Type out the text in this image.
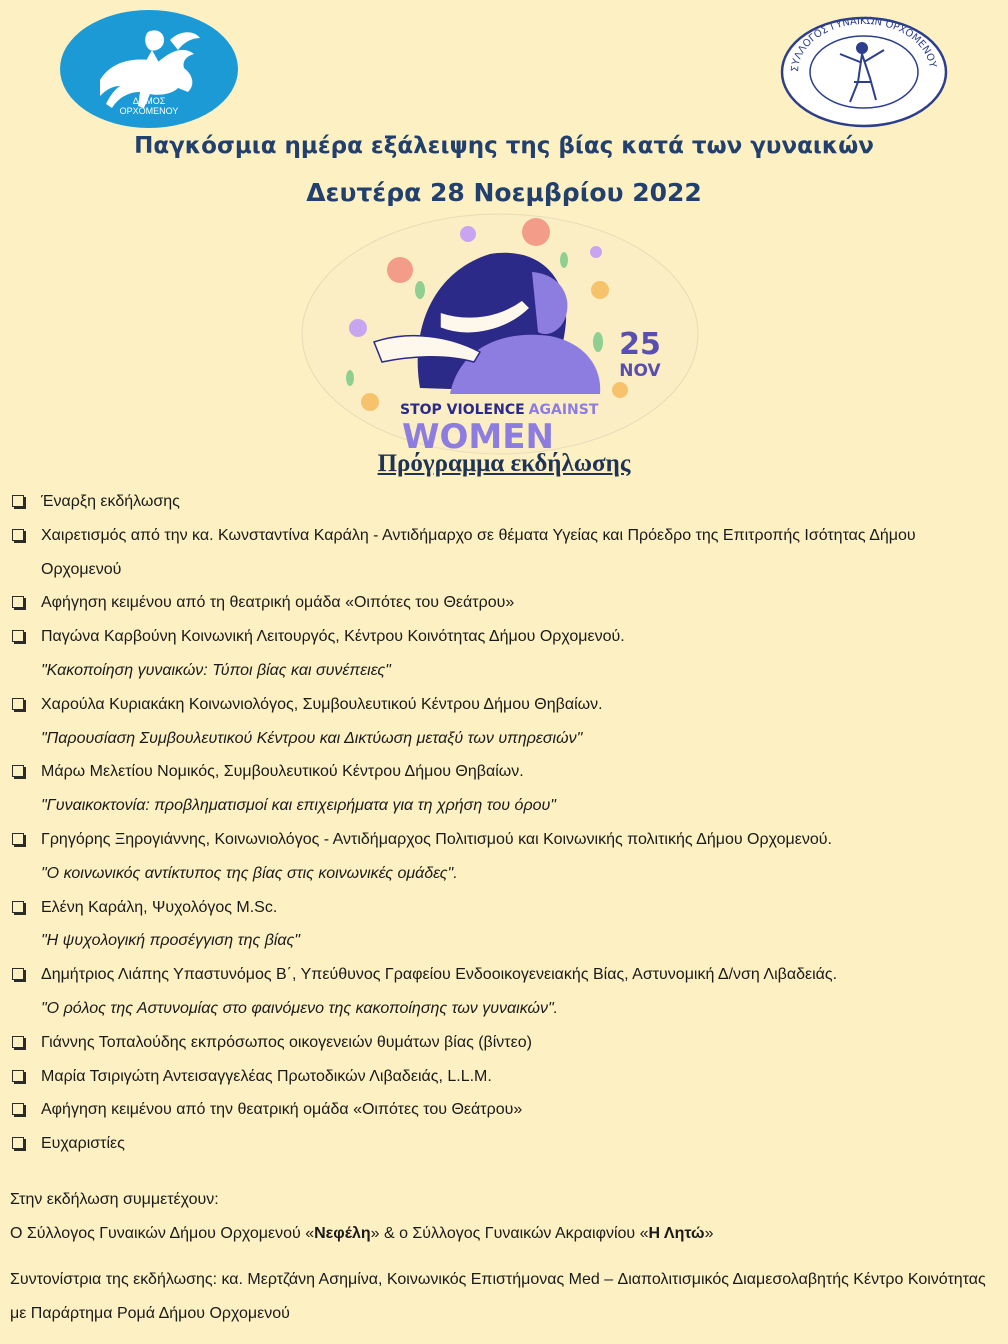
ΔΗΜΟΣ
ΟΡΧΟΜΕΝΟΥ
ΣΥΛΛΟΓΟΣ ΓΥΝΑΙΚΩΝ ΟΡΧΟΜΕΝΟΥ
Παγκόσμια ημέρα εξάλειψης της βίας κατά των γυναικών
Δευτέρα 28 Νοεμβρίου 2022
25
NOV
STOP VIOLENCE AGAINST
WOMEN
Πρόγραμμα εκδήλωσης
Έναρξη εκδήλωσης
Χαιρετισμός από την κα. Κωνσταντίνα Καράλη - Αντιδήμαρχο σε θέματα Υγείας και Πρόεδρο της Επιτροπής Ισότητας Δήμου Ορχομενού
Αφήγηση κειμένου από τη θεατρική ομάδα «Οιπότες του Θεάτρου»
Παγώνα Καρβούνη Κοινωνική Λειτουργός, Κέντρου Κοινότητας Δήμου Ορχομενού.
"Κακοποίηση γυναικών: Τύποι βίας και συνέπειες"
Χαρούλα Κυριακάκη Κοινωνιολόγος, Συμβουλευτικού Κέντρου Δήμου Θηβαίων.
"Παρουσίαση Συμβουλευτικού Κέντρου και Δικτύωση μεταξύ των υπηρεσιών"
Μάρω Μελετίου Νομικός, Συμβουλευτικού Κέντρου Δήμου Θηβαίων.
"Γυναικοκτονία: προβληματισμοί και επιχειρήματα για τη χρήση του όρου"
Γρηγόρης Ξηρογιάννης, Κοινωνιολόγος - Αντιδήμαρχος Πολιτισμού και Κοινωνικής πολιτικής Δήμου Ορχομενού.
"Ο κοινωνικός αντίκτυπος της βίας στις κοινωνικές ομάδες".
Ελένη Καράλη, Ψυχολόγος M.Sc.
"Η ψυχολογική προσέγγιση της βίας"
Δημήτριος Λιάπης Υπαστυνόμος Β΄, Υπεύθυνος Γραφείου Ενδοοικογενειακής Βίας, Αστυνομική Δ/νση Λιβαδειάς.
"Ο ρόλος της Αστυνομίας στο φαινόμενο της κακοποίησης των γυναικών".
Γιάννης Τοπαλούδης εκπρόσωπος οικογενειών θυμάτων βίας (βίντεο)
Μαρία Τσιριγώτη Αντεισαγγελέας Πρωτοδικών Λιβαδειάς, L.L.M.
Αφήγηση κειμένου από την θεατρική ομάδα «Οιπότες του Θεάτρου»
Ευχαριστίες
Στην εκδήλωση συμμετέχουν:
Ο Σύλλογος Γυναικών Δήμου Ορχομενού «Νεφέλη» & ο Σύλλογος Γυναικών Ακραιφνίου «Η Λητώ»
Συντονίστρια της εκδήλωσης: κα. Μερτζάνη Ασημίνα, Κοινωνικός Επιστήμονας Med – Διαπολιτισμικός Διαμεσολαβητής Κέντρο Κοινότητας με Παράρτημα Ρομά Δήμου Ορχομενού
